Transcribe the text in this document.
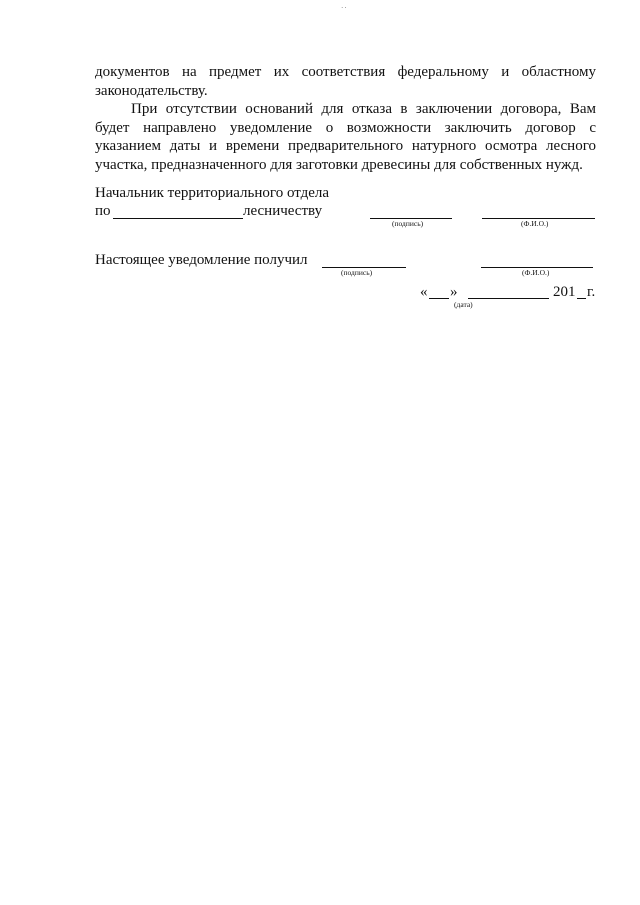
··

документов на предмет их соответствия федеральному и областному законодательству.

При отсутствии оснований для отказа в заключении договора, Вам будет направлено уведомление о возможности заключить договор с указанием даты и времени предварительного натурного осмотра лесного участка, предназначенного для заготовки древесины для собственных нужд.

Начальник территориального отдела
по	лесничеству
(подпись)	(Ф.И.О.)
Настоящее уведомление получил
(подпись)	(Ф.И.О.)
« »	201 г.
(дата)
